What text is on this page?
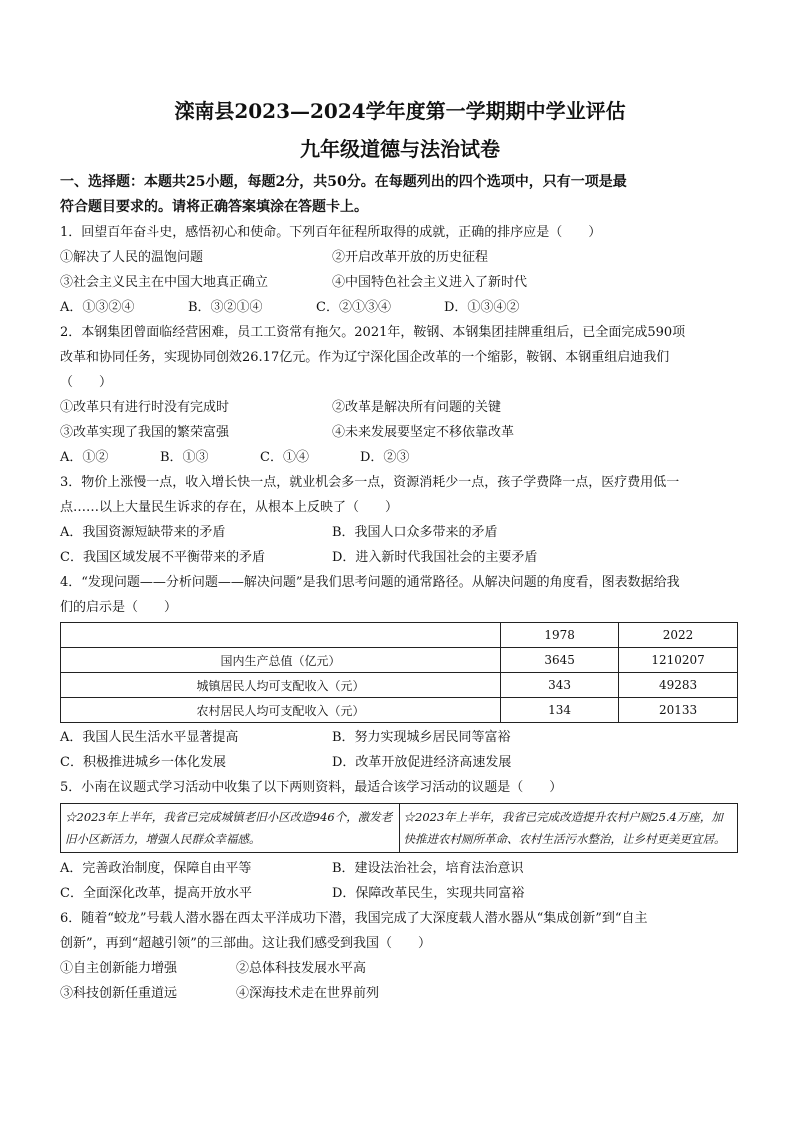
滦南县2023—2024学年度第一学期期中学业评估
九年级道德与法治试卷
一、选择题：本题共25小题，每题2分，共50分。在每题列出的四个选项中，只有一项是最
符合题目要求的。请将正确答案填涂在答题卡上。
1．回望百年奋斗史，感悟初心和使命。下列百年征程所取得的成就，正确的排序应是（　　）
①解决了人民的温饱问题	②开启改革开放的历史征程
③社会主义民主在中国大地真正确立	④中国特色社会主义进入了新时代
A．①③②④	B．③②①④	C．②①③④	D．①③④②
2．本钢集团曾面临经营困难，员工工资常有拖欠。2021年，鞍钢、本钢集团挂牌重组后，已全面完成590项
改革和协同任务，实现协同创效26.17亿元。作为辽宁深化国企改革的一个缩影，鞍钢、本钢重组启迪我们
（　　）
①改革只有进行时没有完成时	②改革是解决所有问题的关键
③改革实现了我国的繁荣富强	④未来发展要坚定不移依靠改革
A．①②	B．①③	C．①④	D．②③
3．物价上涨慢一点，收入增长快一点，就业机会多一点，资源消耗少一点，孩子学费降一点，医疗费用低一
点……以上大量民生诉求的存在，从根本上反映了（　　）
A．我国资源短缺带来的矛盾	B．我国人口众多带来的矛盾
C．我国区域发展不平衡带来的矛盾	D．进入新时代我国社会的主要矛盾
4．“发现问题——分析问题——解决问题”是我们思考问题的通常路径。从解决问题的角度看，图表数据给我
们的启示是（　　）
	1978	2022
国内生产总值（亿元）	3645	1210207
城镇居民人均可支配收入（元）	343	49283
农村居民人均可支配收入（元）	134	20133
A．我国人民生活水平显著提高	B．努力实现城乡居民同等富裕
C．积极推进城乡一体化发展	D．改革开放促进经济高速发展
5．小南在议题式学习活动中收集了以下两则资料，最适合该学习活动的议题是（　　）
☆2023年上半年，我省已完成城镇老旧小区改造946个，激发老旧小区新活力，增强人民群众幸福感。	☆2023年上半年，我省已完成改造提升农村户厕25.4万座，加快推进农村厕所革命、农村生活污水整治，让乡村更美更宜居。
A．完善政治制度，保障自由平等	B．建设法治社会，培育法治意识
C．全面深化改革，提高开放水平	D．保障改革民生，实现共同富裕
6．随着“蛟龙”号载人潜水器在西太平洋成功下潜，我国完成了大深度载人潜水器从“集成创新”到“自主
创新”，再到“超越引领”的三部曲。这让我们感受到我国（　　）
①自主创新能力增强	②总体科技发展水平高
③科技创新任重道远	④深海技术走在世界前列
